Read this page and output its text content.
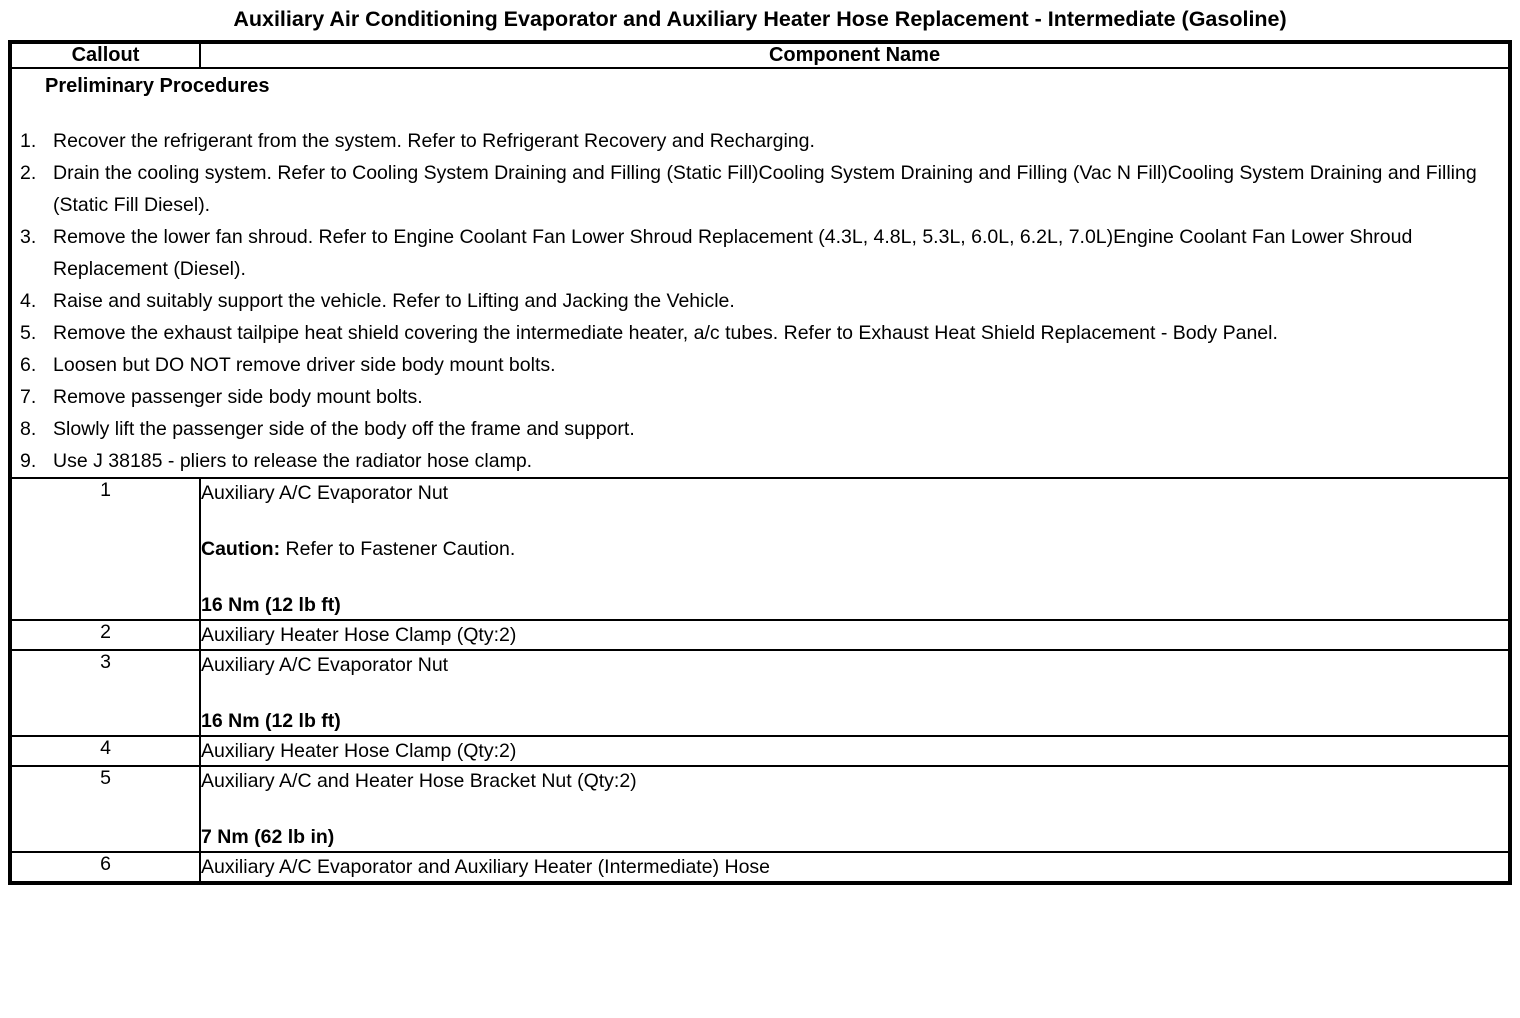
Auxiliary Air Conditioning Evaporator and Auxiliary Heater Hose Replacement - Intermediate (Gasoline)
Callout	Component Name

Preliminary Procedures
Recover the refrigerant from the system. Refer to Refrigerant Recovery and Recharging.
Drain the cooling system. Refer to Cooling System Draining and Filling (Static Fill)Cooling System Draining and Filling (Vac N Fill)Cooling System Draining and Filling (Static Fill Diesel).
Remove the lower fan shroud. Refer to Engine Coolant Fan Lower Shroud Replacement (4.3L, 4.8L, 5.3L, 6.0L, 6.2L, 7.0L)Engine Coolant Fan Lower Shroud Replacement (Diesel).
Raise and suitably support the vehicle. Refer to Lifting and Jacking the Vehicle.
Remove the exhaust tailpipe heat shield covering the intermediate heater, a/c tubes. Refer to Exhaust Heat Shield Replacement - Body Panel.
Loosen but DO NOT remove driver side body mount bolts.
Remove passenger side body mount bolts.
Slowly lift the passenger side of the body off the frame and support.
Use J 38185 - pliers to release the radiator hose clamp.

1	Auxiliary A/C Evaporator Nut
Caution: Refer to Fastener Caution.
16 Nm (12 lb ft)

2	Auxiliary Heater Hose Clamp (Qty:2)

3	Auxiliary A/C Evaporator Nut
16 Nm (12 lb ft)

4	Auxiliary Heater Hose Clamp (Qty:2)

5	Auxiliary A/C and Heater Hose Bracket Nut (Qty:2)
7 Nm (62 lb in)

6	Auxiliary A/C Evaporator and Auxiliary Heater (Intermediate) Hose
